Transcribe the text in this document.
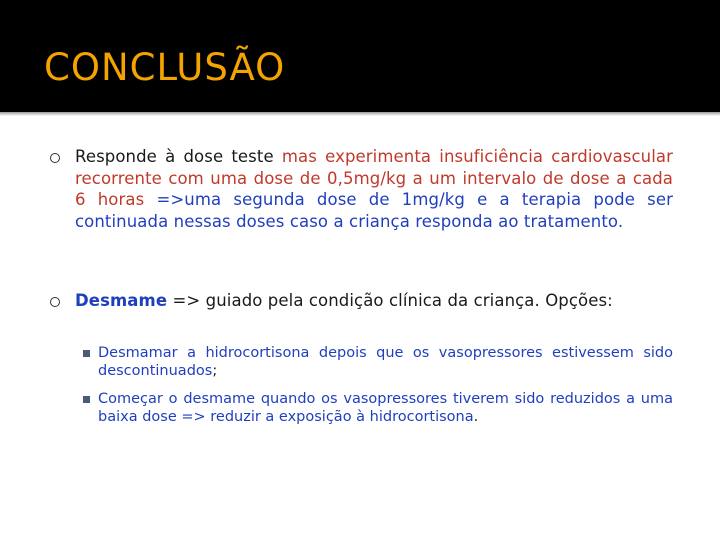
CONCLUSÃO
Responde à dose teste mas experimenta insuficiência cardiovascular recorrente com uma dose de 0,5mg/kg a um intervalo de dose a cada 6 horas =>uma segunda dose de 1mg/kg e a terapia pode ser continuada nessas doses caso a criança responda ao tratamento.
Desmame => guiado pela condição clínica da criança. Opções:
Desmamar a hidrocortisona depois que os vasopressores estivessem sido descontinuados;
Começar o desmame quando os vasopressores tiverem sido reduzidos a uma baixa dose => reduzir a exposição à hidrocortisona.
